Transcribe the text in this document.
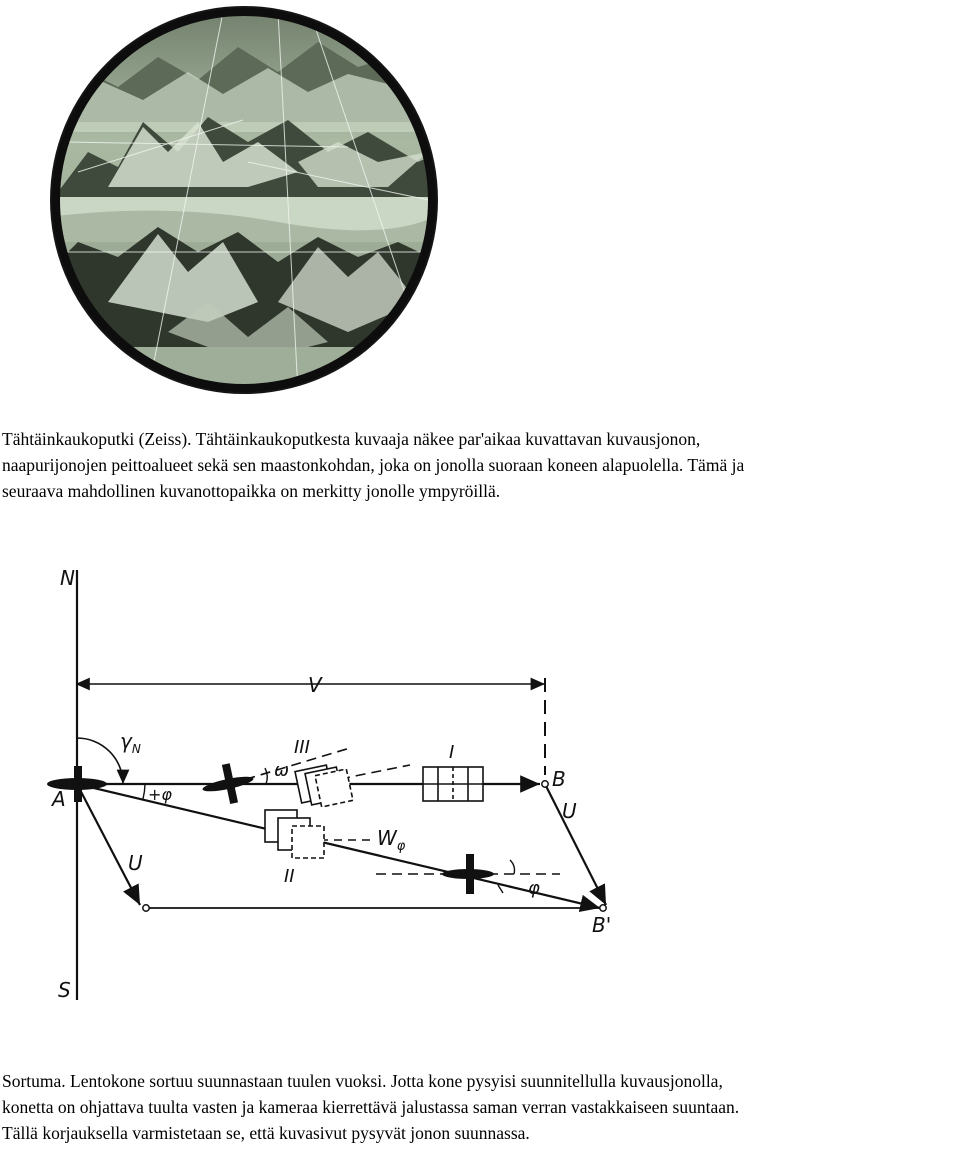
Tähtäinkaukoputki (Zeiss). Tähtäinkaukoputkesta kuvaaja näkee par'aikaa kuvattavan kuvausjonon,
naapurijonojen peittoalueet sekä sen maastonkohdan, joka on jonolla suoraan koneen alapuolella. Tämä ja
seuraava mahdollinen kuvanottopaikka on merkitty jonolle ympyröillä.

N
S
V
$\gamma_N$
A
B
B'
U
U
+φ
φ
ω
$W_\varphi$
I
II
III

Sortuma. Lentokone sortuu suunnastaan tuulen vuoksi. Jotta kone pysyisi suunnitellulla kuvausjonolla,
konetta on ohjattava tuulta vasten ja kameraa kierrettävä jalustassa saman verran vastakkaiseen suuntaan.
Tällä korjauksella varmistetaan se, että kuvasivut pysyvät jonon suunnassa.
